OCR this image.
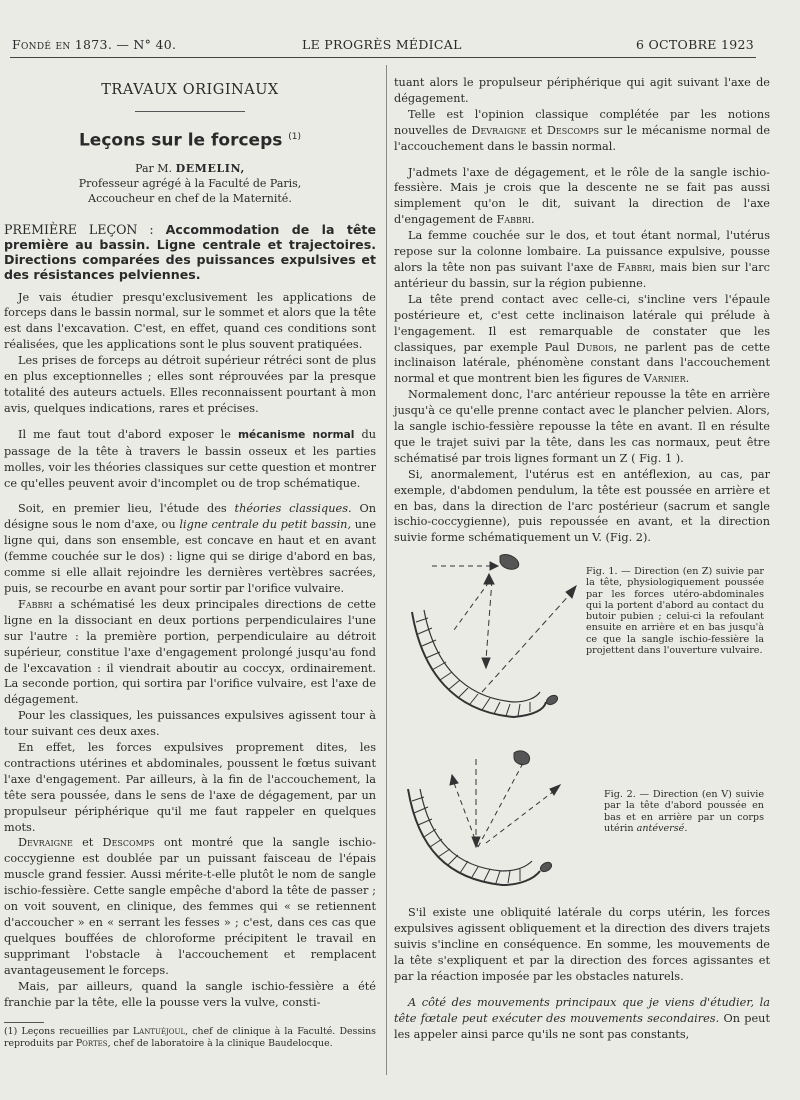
Fondé en 1873. — N° 40.	LE PROGRÈS MÉDICAL	6 OCTOBRE 1923
TRAVAUX ORIGINAUX
Leçons sur le forceps $^{(1)}$
Par M. DEMELIN,
Professeur agrégé à la Faculté de Paris,
Accoucheur en chef de la Maternité.
PREMIÈRE LEÇON : Accommodation de la tête première au bassin. Ligne centrale et trajectoires. Directions comparées des puissances expulsives et des résistances pelviennes.

Je vais étudier presqu'exclusivement les applications de forceps dans le bassin normal, sur le sommet et alors que la tête est dans l'excavation. C'est, en effet, quand ces conditions sont réalisées, que les applications sont le plus souvent pratiquées.

Les prises de forceps au détroit supérieur rétréci sont de plus en plus exceptionnelles ; elles sont réprouvées par la presque totalité des auteurs actuels. Elles reconnaissent pourtant à mon avis, quelques indications, rares et précises.

Il me faut tout d'abord exposer le mécanisme normal du passage de la tête à travers le bassin osseux et les parties molles, voir les théories classiques sur cette question et montrer ce qu'elles peuvent avoir d'incomplet ou de trop schématique.

Soit, en premier lieu, l'étude des théories classiques. On désigne sous le nom d'axe, ou ligne centrale du petit bassin, une ligne qui, dans son ensemble, est concave en haut et en avant (femme couchée sur le dos) : ligne qui se dirige d'abord en bas, comme si elle allait rejoindre les dernières vertèbres sacrées, puis, se recourbe en avant pour sortir par l'orifice vulvaire.

Fabbri a schématisé les deux principales directions de cette ligne en la dissociant en deux portions perpendiculaires l'une sur l'autre : la première portion, perpendiculaire au détroit supérieur, constitue l'axe d'engagement prolongé jusqu'au fond de l'excavation : il viendrait aboutir au coccyx, ordinairement. La seconde portion, qui sortira par l'orifice vulvaire, est l'axe de dégagement.

Pour les classiques, les puissances expulsives agissent tour à tour suivant ces deux axes.

En effet, les forces expulsives proprement dites, les contractions utérines et abdominales, poussent le fœtus suivant l'axe d'engagement. Par ailleurs, à la fin de l'accouchement, la tête sera poussée, dans le sens de l'axe de dégagement, par un propulseur périphérique qu'il me faut rappeler en quelques mots.

Devraigne et Descomps ont montré que la sangle ischio-coccygienne est doublée par un puissant faisceau de l'épais muscle grand fessier. Aussi mérite-t-elle plutôt le nom de sangle ischio-fessière. Cette sangle empêche d'abord la tête de passer ; on voit souvent, en clinique, des femmes qui « se retiennent d'accoucher » en « serrant les fesses » ; c'est, dans ces cas que quelques bouffées de chloroforme précipitent le travail en supprimant l'obstacle à l'accouchement et remplacent avantageusement le forceps.

Mais, par ailleurs, quand la sangle ischio-fessière a été franchie par la tête, elle la pousse vers la vulve, consti-

(1) Leçons recueillies par Lantuéjoul, chef de clinique à la Faculté. Dessins reproduits par Portes, chef de laboratoire à la clinique Baudelocque.

tuant alors le propulseur périphérique qui agit suivant l'axe de dégagement.

Telle est l'opinion classique complétée par les notions nouvelles de Devraigne et Descomps sur le mécanisme normal de l'accouchement dans le bassin normal.

J'admets l'axe de dégagement, et le rôle de la sangle ischio-fessière. Mais je crois que la descente ne se fait pas aussi simplement qu'on le dit, suivant la direction de l'axe d'engagement de Fabbri.

La femme couchée sur le dos, et tout étant normal, l'utérus repose sur la colonne lombaire. La puissance expulsive, pousse alors la tête non pas suivant l'axe de Fabbri, mais bien sur l'arc antérieur du bassin, sur la région pubienne.

La tête prend contact avec celle-ci, s'incline vers l'épaule postérieure et, c'est cette inclinaison latérale qui prélude à l'engagement. Il est remarquable de constater que les classiques, par exemple Paul Dubois, ne parlent pas de cette inclinaison latérale, phénomène constant dans l'accouchement normal et que montrent bien les figures de Varnier.

Normalement donc, l'arc antérieur repousse la tête en arrière jusqu'à ce qu'elle prenne contact avec le plancher pelvien. Alors, la sangle ischio-fessière repousse la tête en avant. Il en résulte que le trajet suivi par la tête, dans les cas normaux, peut être schématisé par trois lignes formant un Z ( Fig. 1 ).

Si, anormalement, l'utérus est en antéflexion, au cas, par exemple, d'abdomen pendulum, la tête est poussée en arrière et en bas, dans la direction de l'arc postérieur (sacrum et sangle ischio-coccygienne), puis repoussée en avant, et la direction suivie forme schématiquement un V. (Fig. 2).

Fig. 1. — Direction (en Z) suivie par la tête, physiologiquement poussée par les forces utéro-abdominales qui la portent d'abord au contact du butoir pubien ; celui-ci la refoulant ensuite en arrière et en bas jusqu'à ce que la sangle ischio-fessière la projettent dans l'ouverture vulvaire.
Fig. 2. — Direction (en V) suivie par la tête d'abord poussée en bas et en arrière par un corps utérin antéversé.

S'il existe une obliquité latérale du corps utérin, les forces expulsives agissent obliquement et la direction des divers trajets suivis s'incline en conséquence. En somme, les mouvements de la tête s'expliquent et par la direction des forces agissantes et par la réaction imposée par les obstacles naturels.

A côté des mouvements principaux que je viens d'étudier, la tête fœtale peut exécuter des mouvements secondaires. On peut les appeler ainsi parce qu'ils ne sont pas constants,
